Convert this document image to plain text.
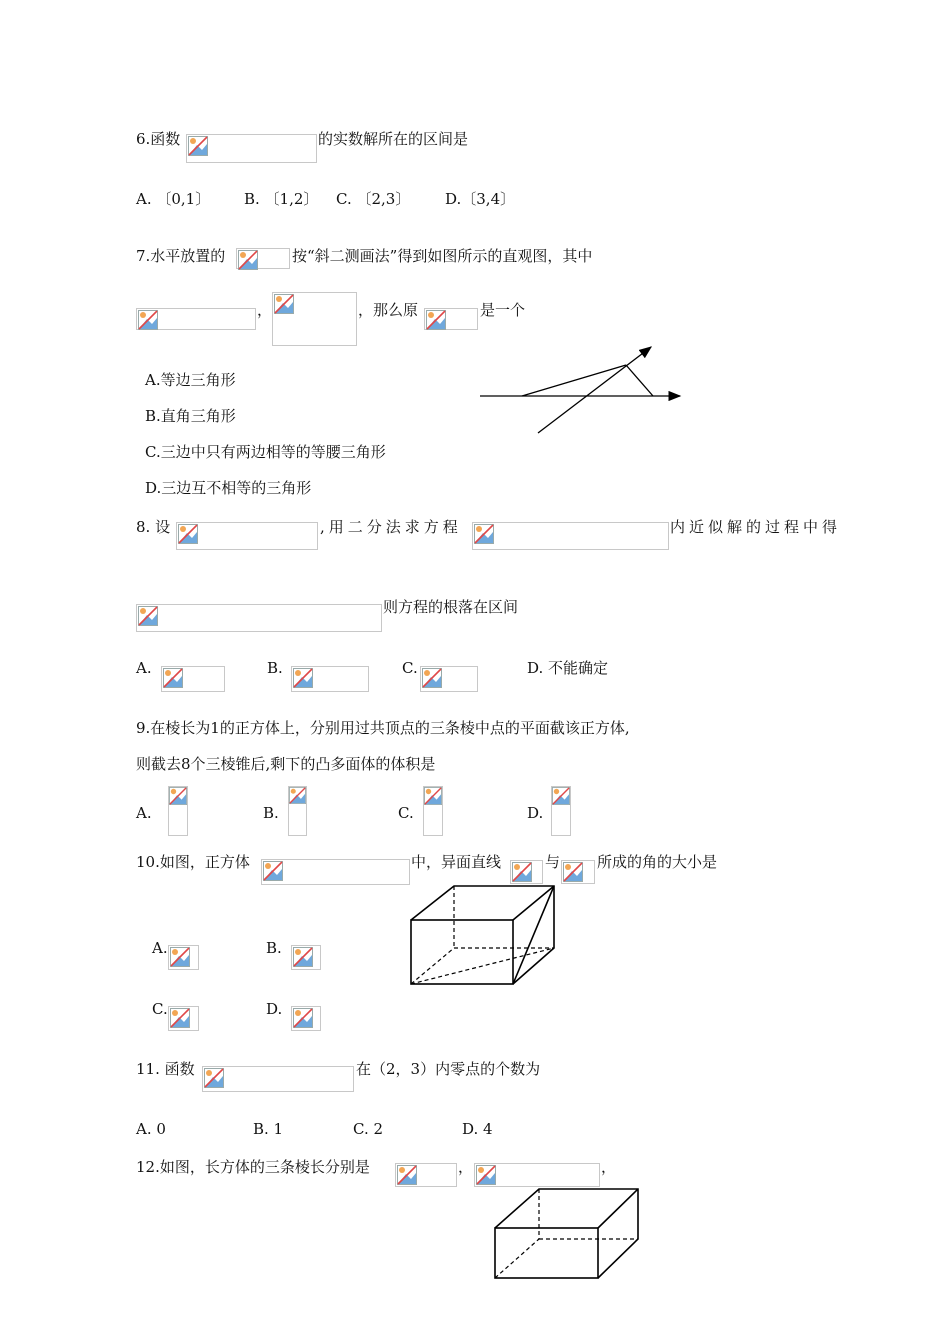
6.函数	的实数解所在的区间是
A. 〔0,1〕 B. 〔1,2〕 C. 〔2,3〕 D.〔3,4〕
7.水平放置的	按“斜二测画法”得到如图所示的直观图，其中
，	，那么原	是一个
A.等边三角形
B.直角三角形
C.三边中只有两边相等的等腰三角形
D.三边互不相等的三角形
8. 设	,用二分法求方程	内近似解的过程中得
则方程的根落在区间
A.	B.	C.	D. 不能确定
9.在棱长为1的正方体上，分别用过共顶点的三条棱中点的平面截该正方体,
则截去8个三棱锥后,剩下的凸多面体的体积是
A.	B.	C.	D.
10.如图，正方体	中，异面直线	与 所成的角的大小是
A.	B.
C.	D.
11. 函数	在（2，3）内零点的个数为
A. 0	B. 1	C. 2	D. 4
12.如图，长方体的三条棱长分别是	，	，
